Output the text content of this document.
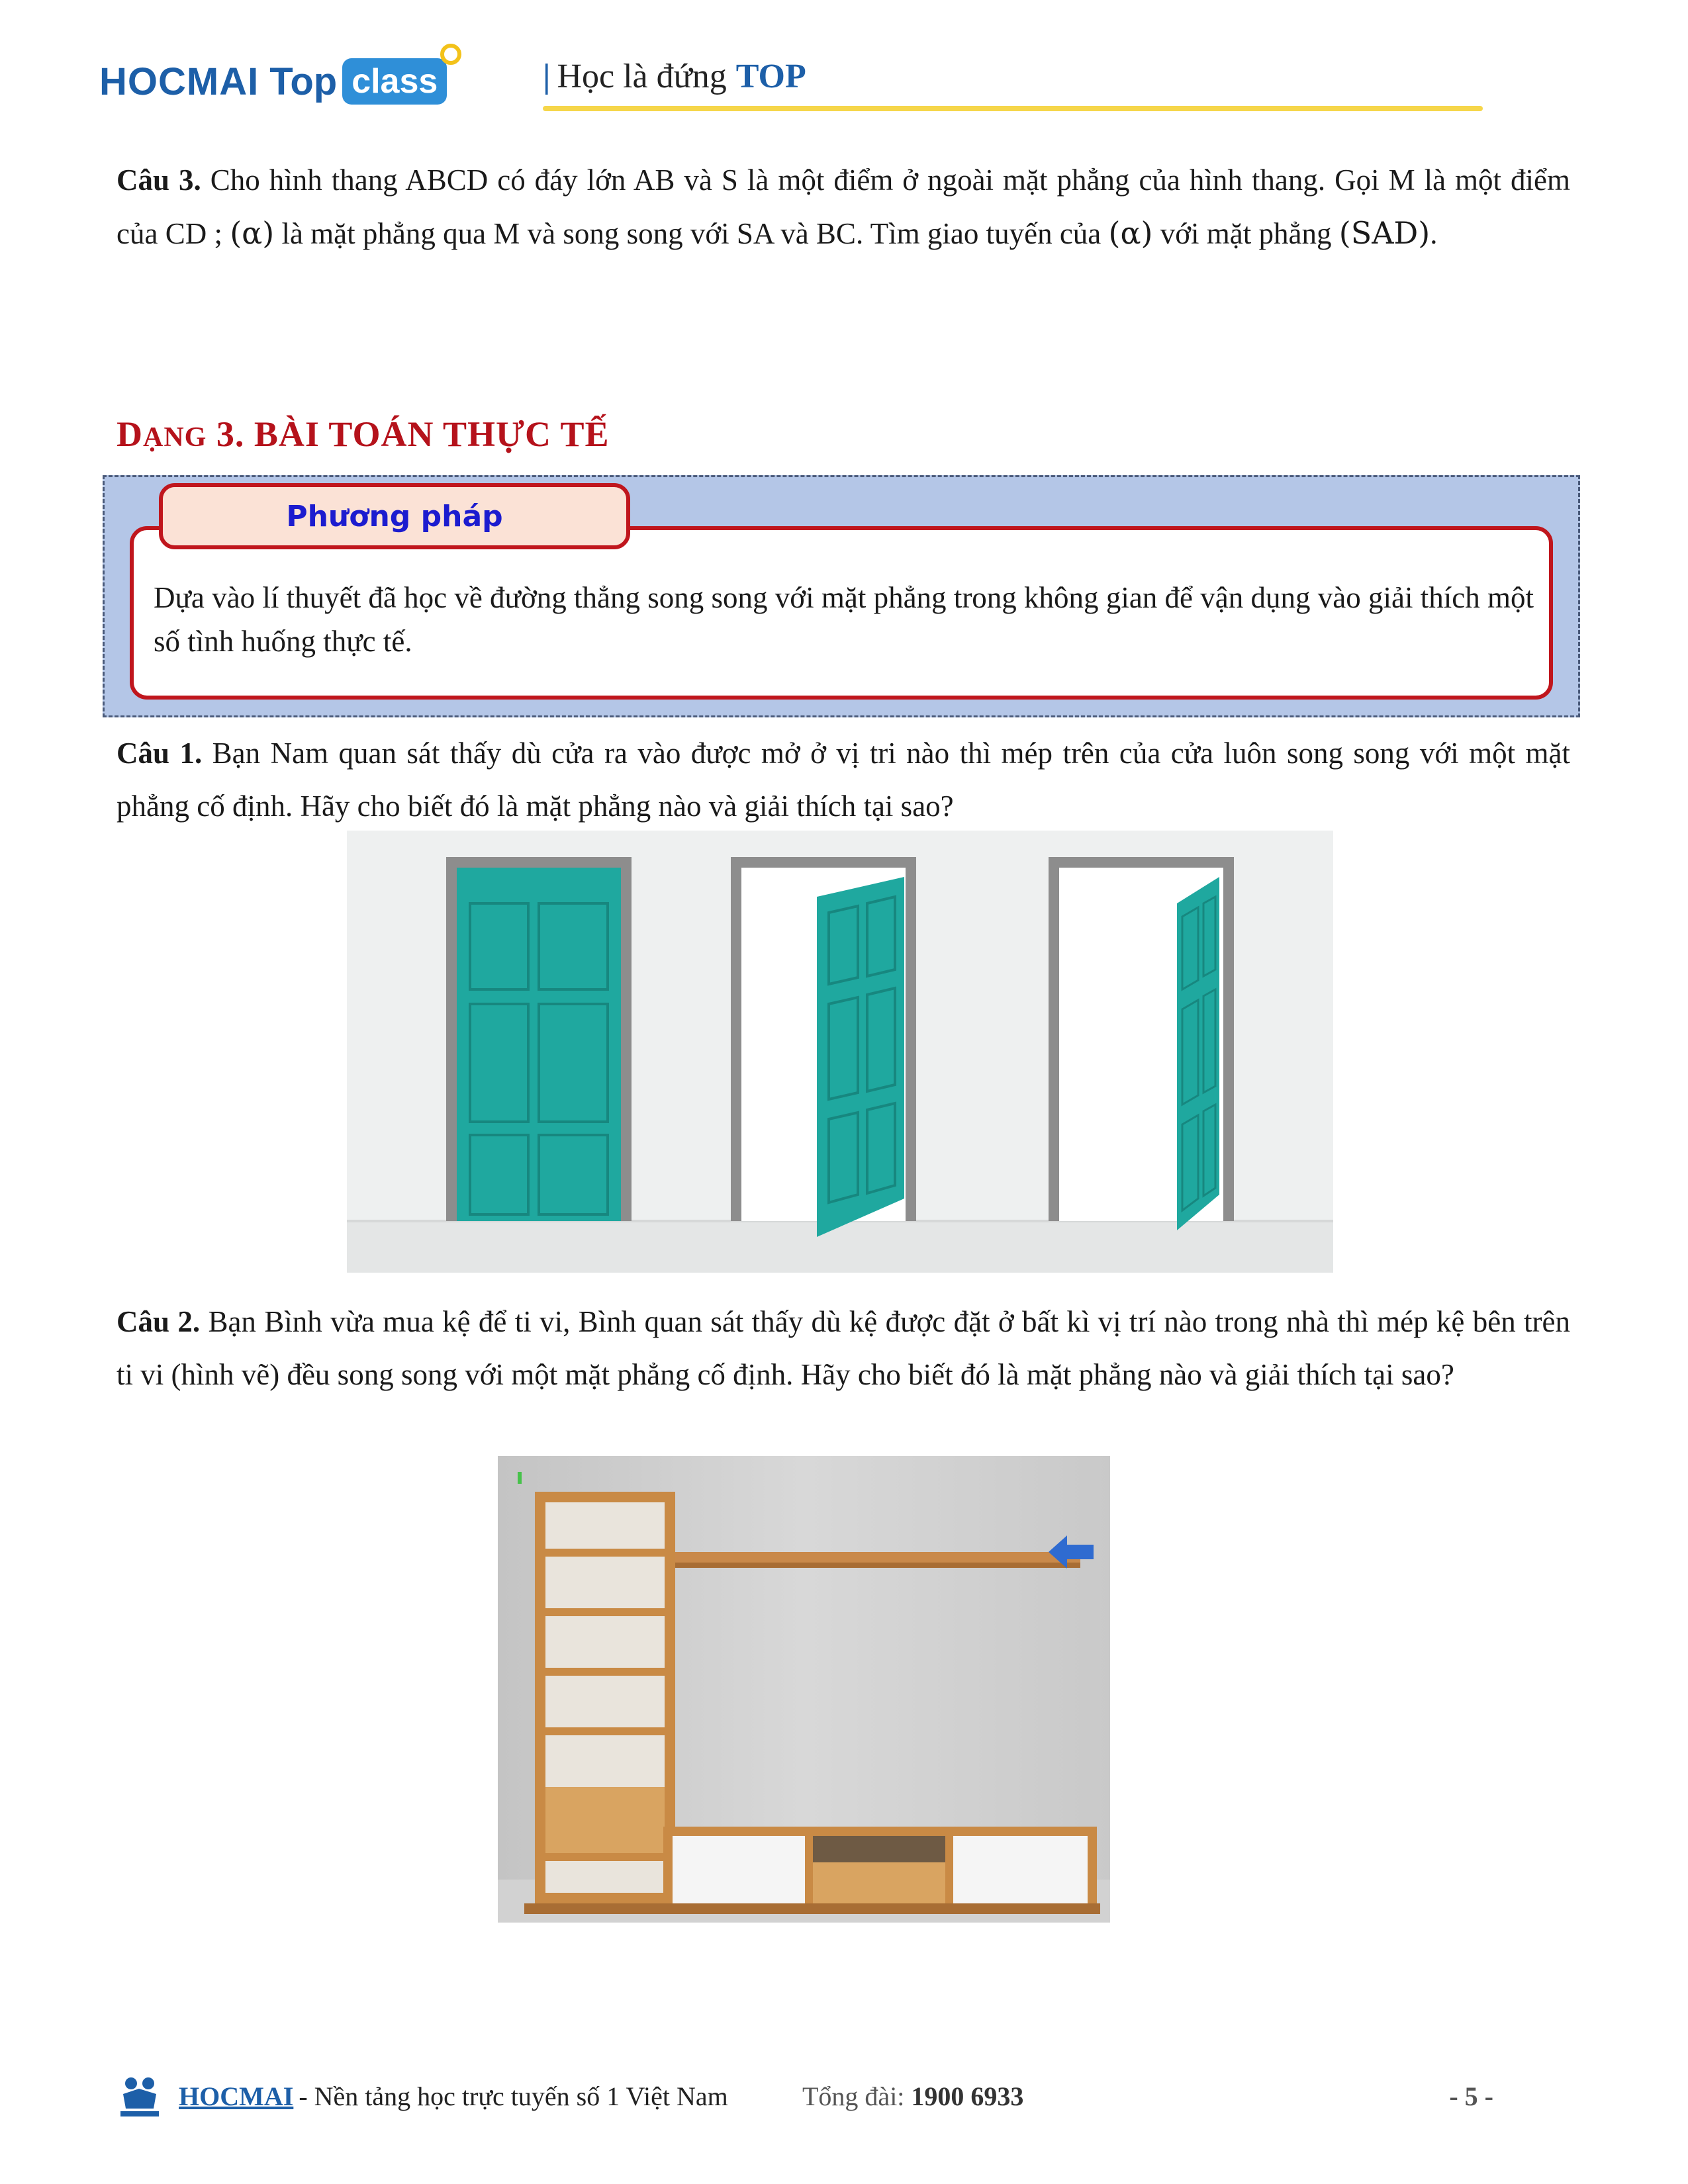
HOCMAI Top class	| Học là đứng TOP

Câu 3. Cho hình thang ABCD có đáy lớn AB và S là một điểm ở ngoài mặt phẳng của hình thang. Gọi M là một điểm của CD ; (α) là mặt phẳng qua M và song song với SA và BC. Tìm giao tuyến của (α) với mặt phẳng (SAD).

DẠNG 3. BÀI TOÁN THỰC TẾ
Phương pháp

Dựa vào lí thuyết đã học về đường thẳng song song với mặt phẳng trong không gian để vận dụng vào giải thích một số tình huống thực tế.

Câu 1. Bạn Nam quan sát thấy dù cửa ra vào được mở ở vị tri nào thì mép trên của cửa luôn song song với một mặt phẳng cố định. Hãy cho biết đó là mặt phẳng nào và giải thích tại sao?

Câu 2. Bạn Bình vừa mua kệ để ti vi, Bình quan sát thấy dù kệ được đặt ở bất kì vị trí nào trong nhà thì mép kệ bên trên ti vi (hình vẽ) đều song song với một mặt phẳng cố định. Hãy cho biết đó là mặt phẳng nào và giải thích tại sao?

HOCMAI - Nền tảng học trực tuyến số 1 Việt Nam	Tổng đài: 1900 6933	- 5 -
